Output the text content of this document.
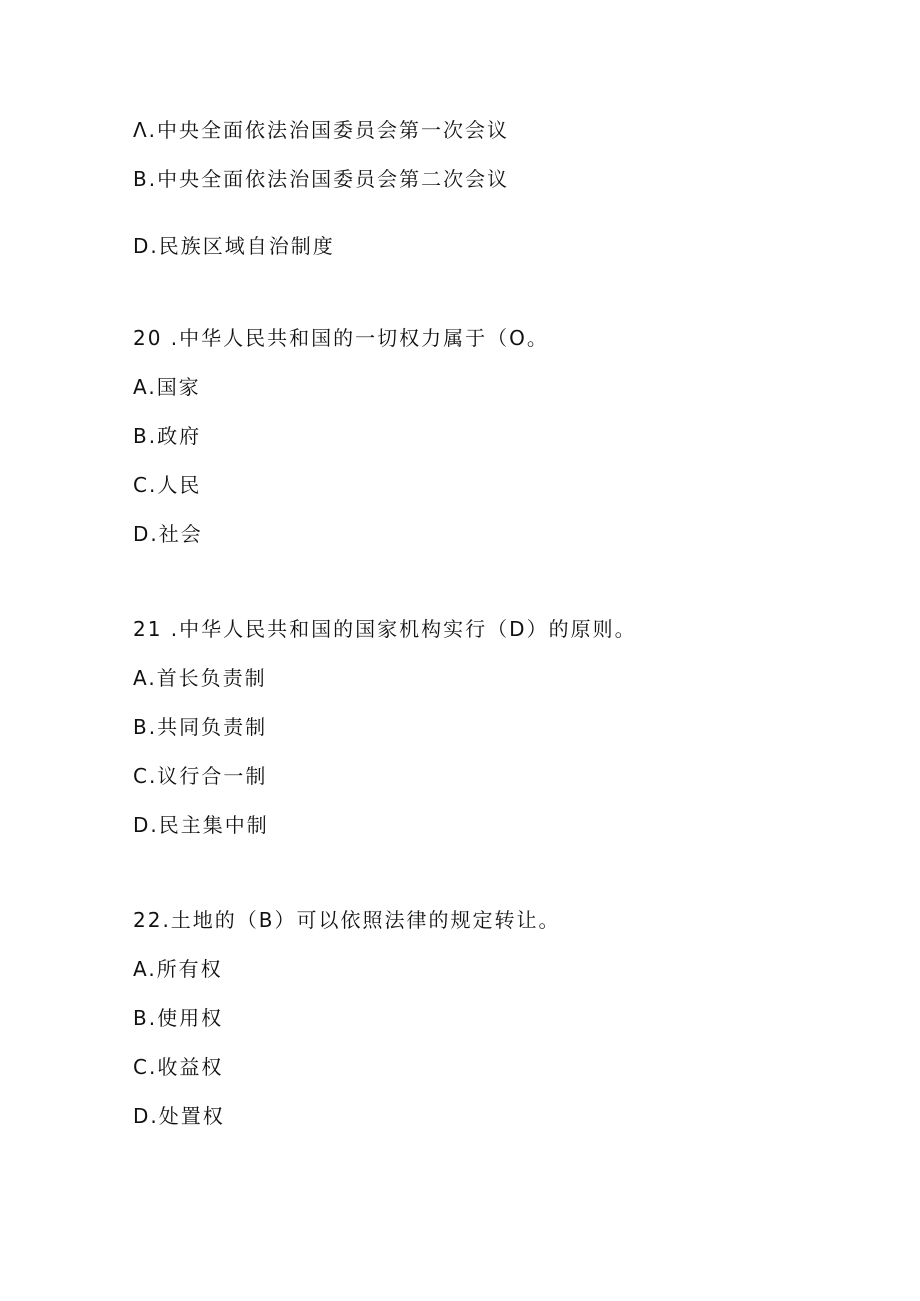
Λ.中央全面依法治国委员会第一次会议
B.中央全面依法治国委员会第二次会议
D.民族区域自治制度
20 .中华人民共和国的一切权力属于（O。
A.国家
B.政府
C.人民
D.社会
21 .中华人民共和国的国家机构实行（D）的原则。
A.首长负责制
B.共同负责制
C.议行合一制
D.民主集中制
22.土地的（B）可以依照法律的规定转让。
A.所有权
B.使用权
C.收益权
D.处置权
